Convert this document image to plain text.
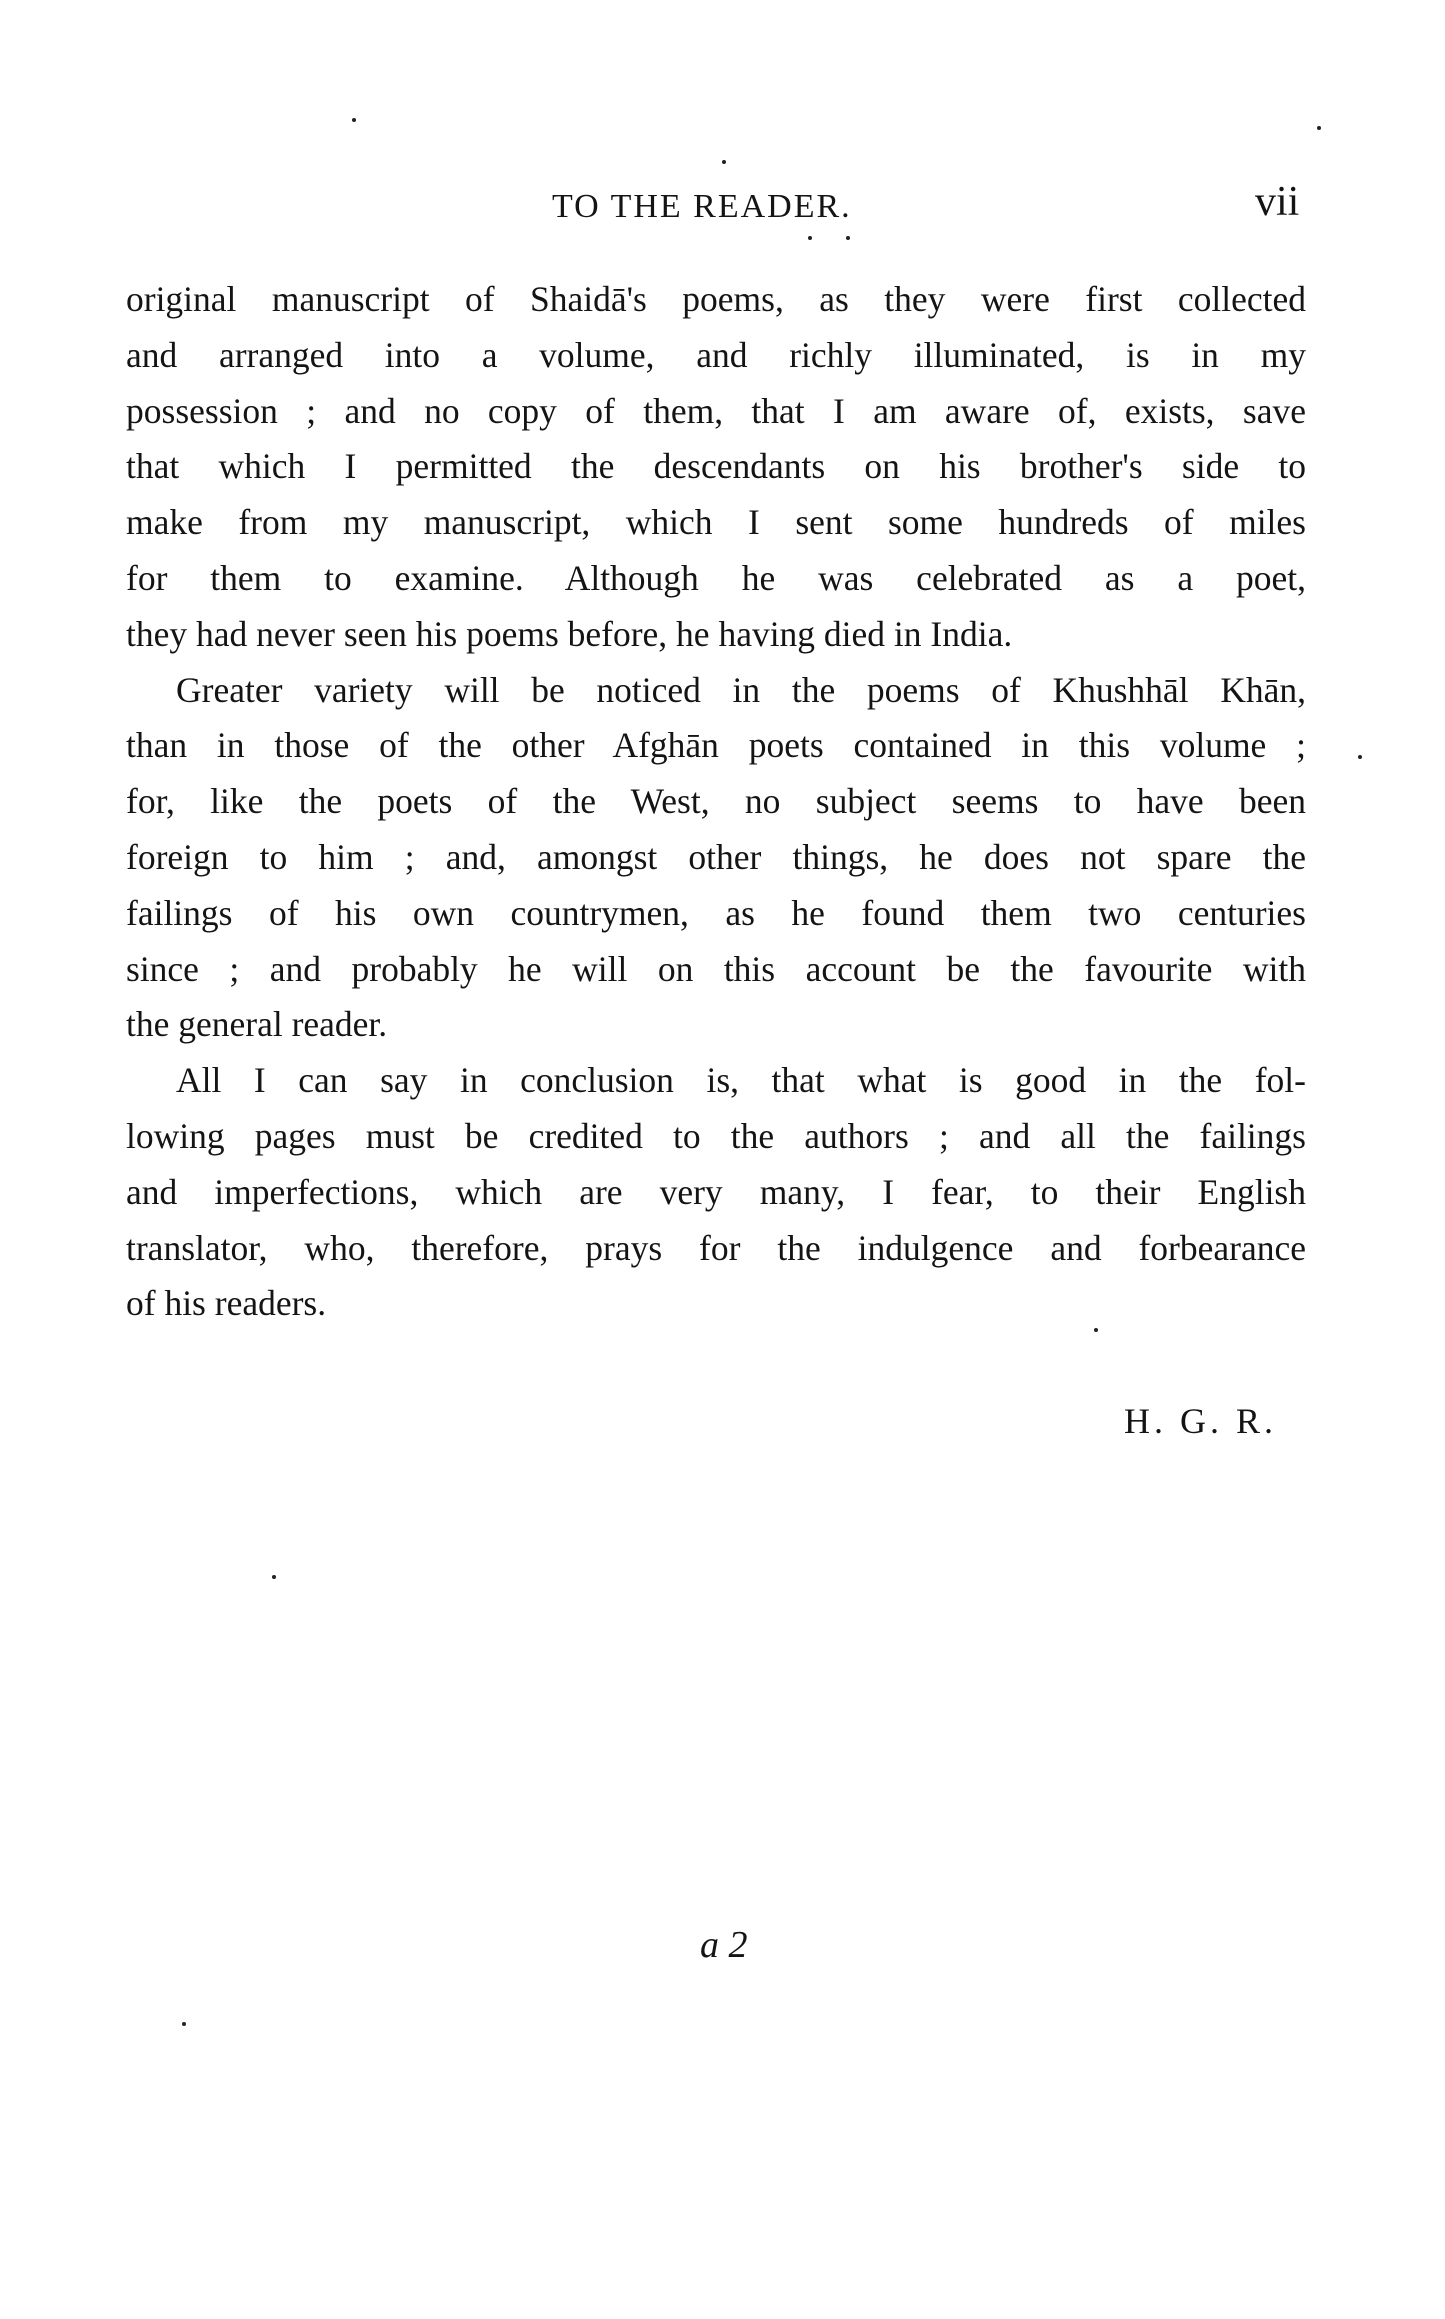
TO THE READER.	vii

original manuscript of Shaidā's poems, as they were first collected
and arranged into a volume, and richly illuminated, is in my
possession ; and no copy of them, that I am aware of, exists, save
that which I permitted the descendants on his brother's side to
make from my manuscript, which I sent some hundreds of miles
for them to examine. Although he was celebrated as a poet,
they had never seen his poems before, he having died in India.

Greater variety will be noticed in the poems of Khushhāl Khān,
than in those of the other Afghān poets contained in this volume ;
for, like the poets of the West, no subject seems to have been
foreign to him ; and, amongst other things, he does not spare the
failings of his own countrymen, as he found them two centuries
since ; and probably he will on this account be the favourite with
the general reader.

All I can say in conclusion is, that what is good in the fol-
lowing pages must be credited to the authors ; and all the failings
and imperfections, which are very many, I fear, to their English
translator, who, therefore, prays for the indulgence and forbearance
of his readers.

H. G. R.
a 2
